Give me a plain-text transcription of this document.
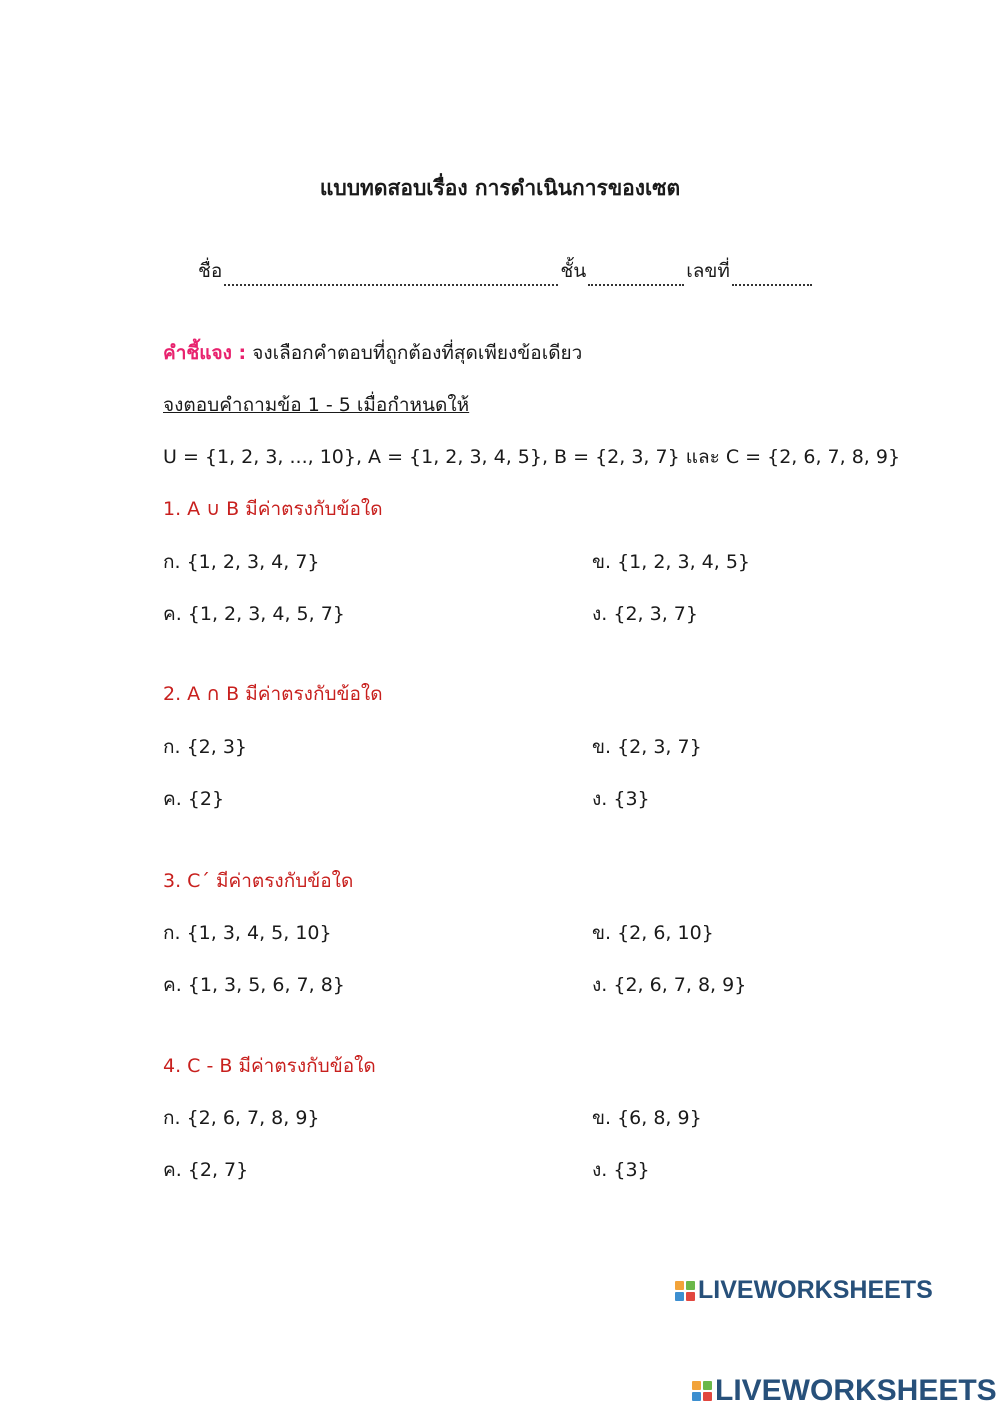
แบบทดสอบเรื่อง การดำเนินการของเซต
ชื่อ	ชั้น	เลขที่
คำชี้แจง : จงเลือกคำตอบที่ถูกต้องที่สุดเพียงข้อเดียว
จงตอบคำถามข้อ 1 - 5 เมื่อกำหนดให้
U = {1, 2, 3, ..., 10}, A = {1, 2, 3, 4, 5}, B = {2, 3, 7} และ C = {2, 6, 7, 8, 9}
1. A ∪ B มีค่าตรงกับข้อใด
ก. {1, 2, 3, 4, 7}	ข. {1, 2, 3, 4, 5}
ค. {1, 2, 3, 4, 5, 7}	ง. {2, 3, 7}
2. A ∩ B มีค่าตรงกับข้อใด
ก. {2, 3}	ข. {2, 3, 7}
ค. {2}	ง. {3}
3. C´ มีค่าตรงกับข้อใด
ก. {1, 3, 4, 5, 10}	ข. {2, 6, 10}
ค. {1, 3, 5, 6, 7, 8}	ง. {2, 6, 7, 8, 9}
4. C - B มีค่าตรงกับข้อใด
ก. {2, 6, 7, 8, 9}	ข. {6, 8, 9}
ค. {2, 7}	ง. {3}
LIVEWORKSHEETS
LIVEWORKSHEETS
